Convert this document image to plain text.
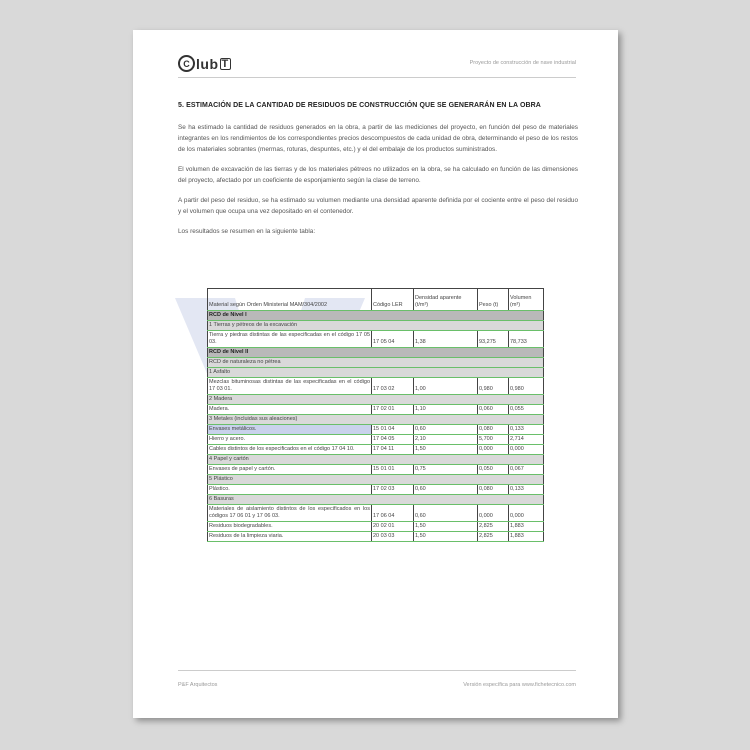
C lub T	Proyecto de construcción de nave industrial

5. ESTIMACIÓN DE LA CANTIDAD DE RESIDUOS DE CONSTRUCCIÓN QUE SE GENERARÁN EN LA OBRA

Se ha estimado la cantidad de residuos generados en la obra, a partir de las mediciones del proyecto, en función del peso de materiales integrantes en los rendimientos de los correspondientes precios descompuestos de cada unidad de obra, determinando el peso de los restos de los materiales sobrantes (mermas, roturas, despuntes, etc.) y el del embalaje de los productos suministrados.

El volumen de excavación de las tierras y de los materiales pétreos no utilizados en la obra, se ha calculado en función de las dimensiones del proyecto, afectado por un coeficiente de esponjamiento según la clase de terreno.

A partir del peso del residuo, se ha estimado su volumen mediante una densidad aparente definida por el cociente entre el peso del residuo y el volumen que ocupa una vez depositado en el contenedor.

Los resultados se resumen en la siguiente tabla:

Material según Orden Ministerial MAM/304/2002	Código LER	Densidad aparente (t/m³)	Peso (t)	Volumen (m³)
RCD de Nivel I				
1 Tierras y pétreos de la excavación				
Tierra y piedras distintas de las especificadas en el código 17 05 03.	17 05 04	1,38	93,275	78,733
RCD de Nivel II				
RCD de naturaleza no pétrea				
1 Asfalto				
Mezclas bituminosas distintas de las especificadas en el código 17 03 01.	17 03 02	1,00	0,980	0,980
2 Madera				
Madera.	17 02 01	1,10	0,060	0,055
3 Metales (incluidas sus aleaciones)				
Envases metálicos.	15 01 04	0,60	0,080	0,133
Hierro y acero.	17 04 05	2,10	5,700	2,714
Cables distintos de los especificados en el código 17 04 10.	17 04 11	1,50	0,000	0,000
4 Papel y cartón				
Envases de papel y cartón.	15 01 01	0,75	0,050	0,067
5 Plástico				
Plástico.	17 02 03	0,60	0,080	0,133
6 Basuras				
Materiales de aislamiento distintos de los especificados en los códigos 17 06 01 y 17 06 03.	17 06 04	0,60	0,000	0,000
Residuos biodegradables.	20 02 01	1,50	2,825	1,883
Residuos de la limpieza viaria.	20 03 03	1,50	2,825	1,883
P&F Arquitectos	Versión específica para www.fichetecnico.com
